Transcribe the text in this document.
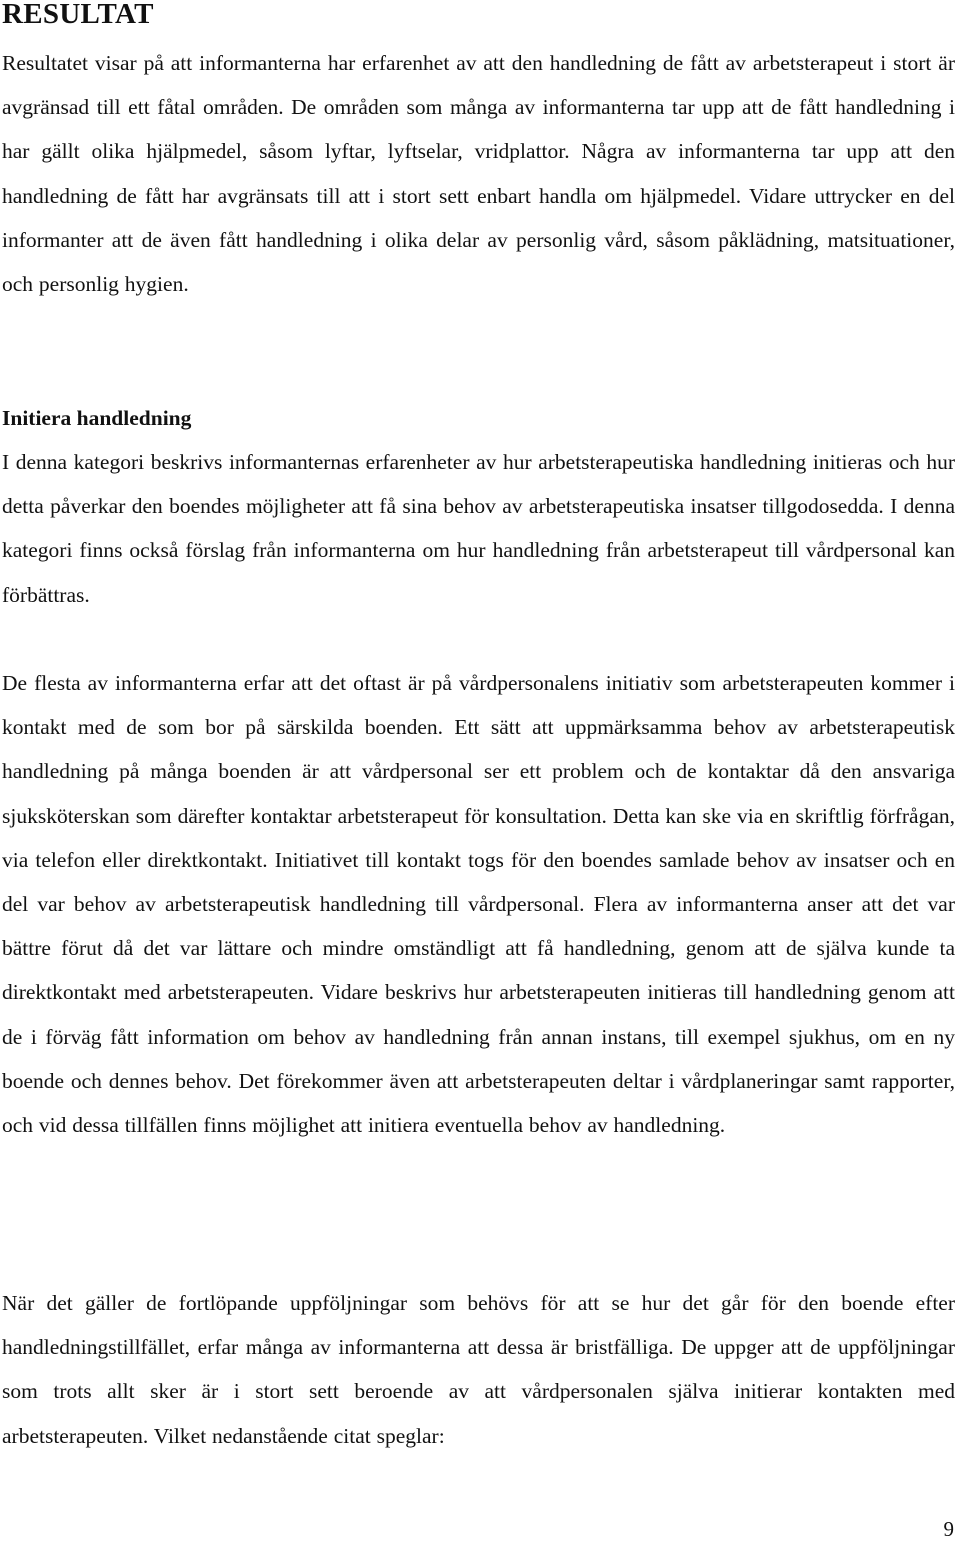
RESULTAT

Resultatet visar på att informanterna har erfarenhet av att den handledning de fått av arbetsterapeut i stort är avgränsad till ett fåtal områden. De områden som många av informanterna tar upp att de fått handledning i har gällt olika hjälpmedel, såsom lyftar, lyftselar, vridplattor. Några av informanterna tar upp att den handledning de fått har avgränsats till att i stort sett enbart handla om hjälpmedel. Vidare uttrycker en del informanter att de även fått handledning i olika delar av personlig vård, såsom påklädning, matsituationer, och personlig hygien.

Initiera handledning

I denna kategori beskrivs informanternas erfarenheter av hur arbetsterapeutiska handledning initieras och hur detta påverkar den boendes möjligheter att få sina behov av arbetsterapeutiska insatser tillgodosedda. I denna kategori finns också förslag från informanterna om hur handledning från arbetsterapeut till vårdpersonal kan förbättras.

De flesta av informanterna erfar att det oftast är på vårdpersonalens initiativ som arbetsterapeuten kommer i kontakt med de som bor på särskilda boenden. Ett sätt att uppmärksamma behov av arbetsterapeutisk handledning på många boenden är att vårdpersonal ser ett problem och de kontaktar då den ansvariga sjuksköterskan som därefter kontaktar arbetsterapeut för konsultation. Detta kan ske via en skriftlig förfrågan, via telefon eller direktkontakt. Initiativet till kontakt togs för den boendes samlade behov av insatser och en del var behov av arbetsterapeutisk handledning till vårdpersonal. Flera av informanterna anser att det var bättre förut då det var lättare och mindre omständligt att få handledning, genom att de själva kunde ta direktkontakt med arbetsterapeuten. Vidare beskrivs hur arbetsterapeuten initieras till handledning genom att de i förväg fått information om behov av handledning från annan instans, till exempel sjukhus, om en ny boende och dennes behov. Det förekommer även att arbetsterapeuten deltar i vårdplaneringar samt rapporter, och vid dessa tillfällen finns möjlighet att initiera eventuella behov av handledning.

När det gäller de fortlöpande uppföljningar som behövs för att se hur det går för den boende efter handledningstillfället, erfar många av informanterna att dessa är bristfälliga. De uppger att de uppföljningar som trots allt sker är i stort sett beroende av att vårdpersonalen själva initierar kontakten med arbetsterapeuten. Vilket nedanstående citat speglar:

9
